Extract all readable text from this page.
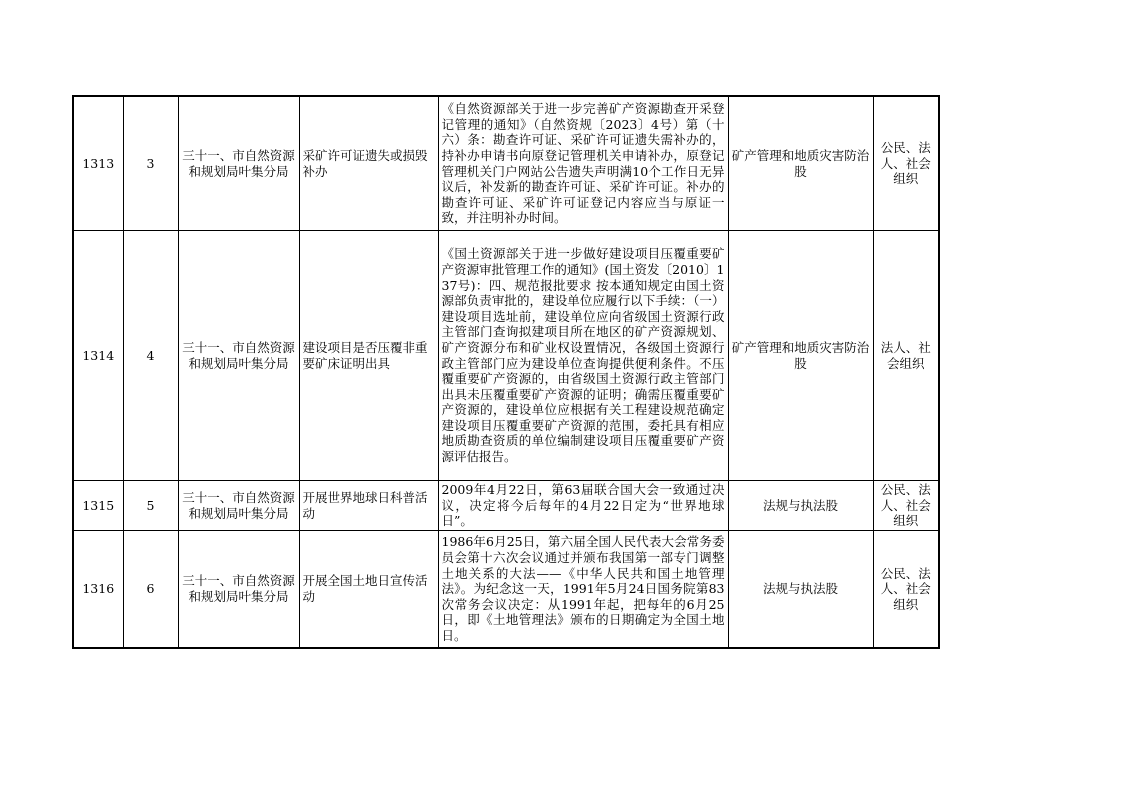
1313	3	三十一、市自然资源和规划局叶集分局	采矿许可证遗失或损毁补办	《自然资源部关于进一步完善矿产资源勘查开采登记管理的通知》（自然资规〔2023〕4号）第（十六）条：勘查许可证、采矿许可证遗失需补办的，持补办申请书向原登记管理机关申请补办，原登记管理机关门户网站公告遗失声明满10个工作日无异议后，补发新的勘查许可证、采矿许可证。补办的勘查许可证、采矿许可证登记内容应当与原证一致，并注明补办时间。	矿产管理和地质灾害防治股	公民、法人、社会组织
1314	4	三十一、市自然资源和规划局叶集分局	建设项目是否压覆非重要矿床证明出具	《国土资源部关于进一步做好建设项目压覆重要矿产资源审批管理工作的通知》(国土资发〔2010〕137号)：四、规范报批要求 按本通知规定由国土资源部负责审批的，建设单位应履行以下手续：（一）建设项目选址前，建设单位应向省级国土资源行政主管部门查询拟建项目所在地区的矿产资源规划、矿产资源分布和矿业权设置情况，各级国土资源行政主管部门应为建设单位查询提供便利条件。不压覆重要矿产资源的，由省级国土资源行政主管部门出具未压覆重要矿产资源的证明；确需压覆重要矿产资源的，建设单位应根据有关工程建设规范确定建设项目压覆重要矿产资源的范围，委托具有相应地质勘查资质的单位编制建设项目压覆重要矿产资源评估报告。	矿产管理和地质灾害防治股	法人、社会组织
1315	5	三十一、市自然资源和规划局叶集分局	开展世界地球日科普活动	2009年4月22日，第63届联合国大会一致通过决议，决定将今后每年的4月22日定为“世界地球日”。	法规与执法股	公民、法人、社会组织
1316	6	三十一、市自然资源和规划局叶集分局	开展全国土地日宣传活动	1986年6月25日，第六届全国人民代表大会常务委员会第十六次会议通过并颁布我国第一部专门调整土地关系的大法——《中华人民共和国土地管理法》。为纪念这一天，1991年5月24日国务院第83次常务会议决定：从1991年起，把每年的6月25日，即《土地管理法》颁布的日期确定为全国土地日。	法规与执法股	公民、法人、社会组织
